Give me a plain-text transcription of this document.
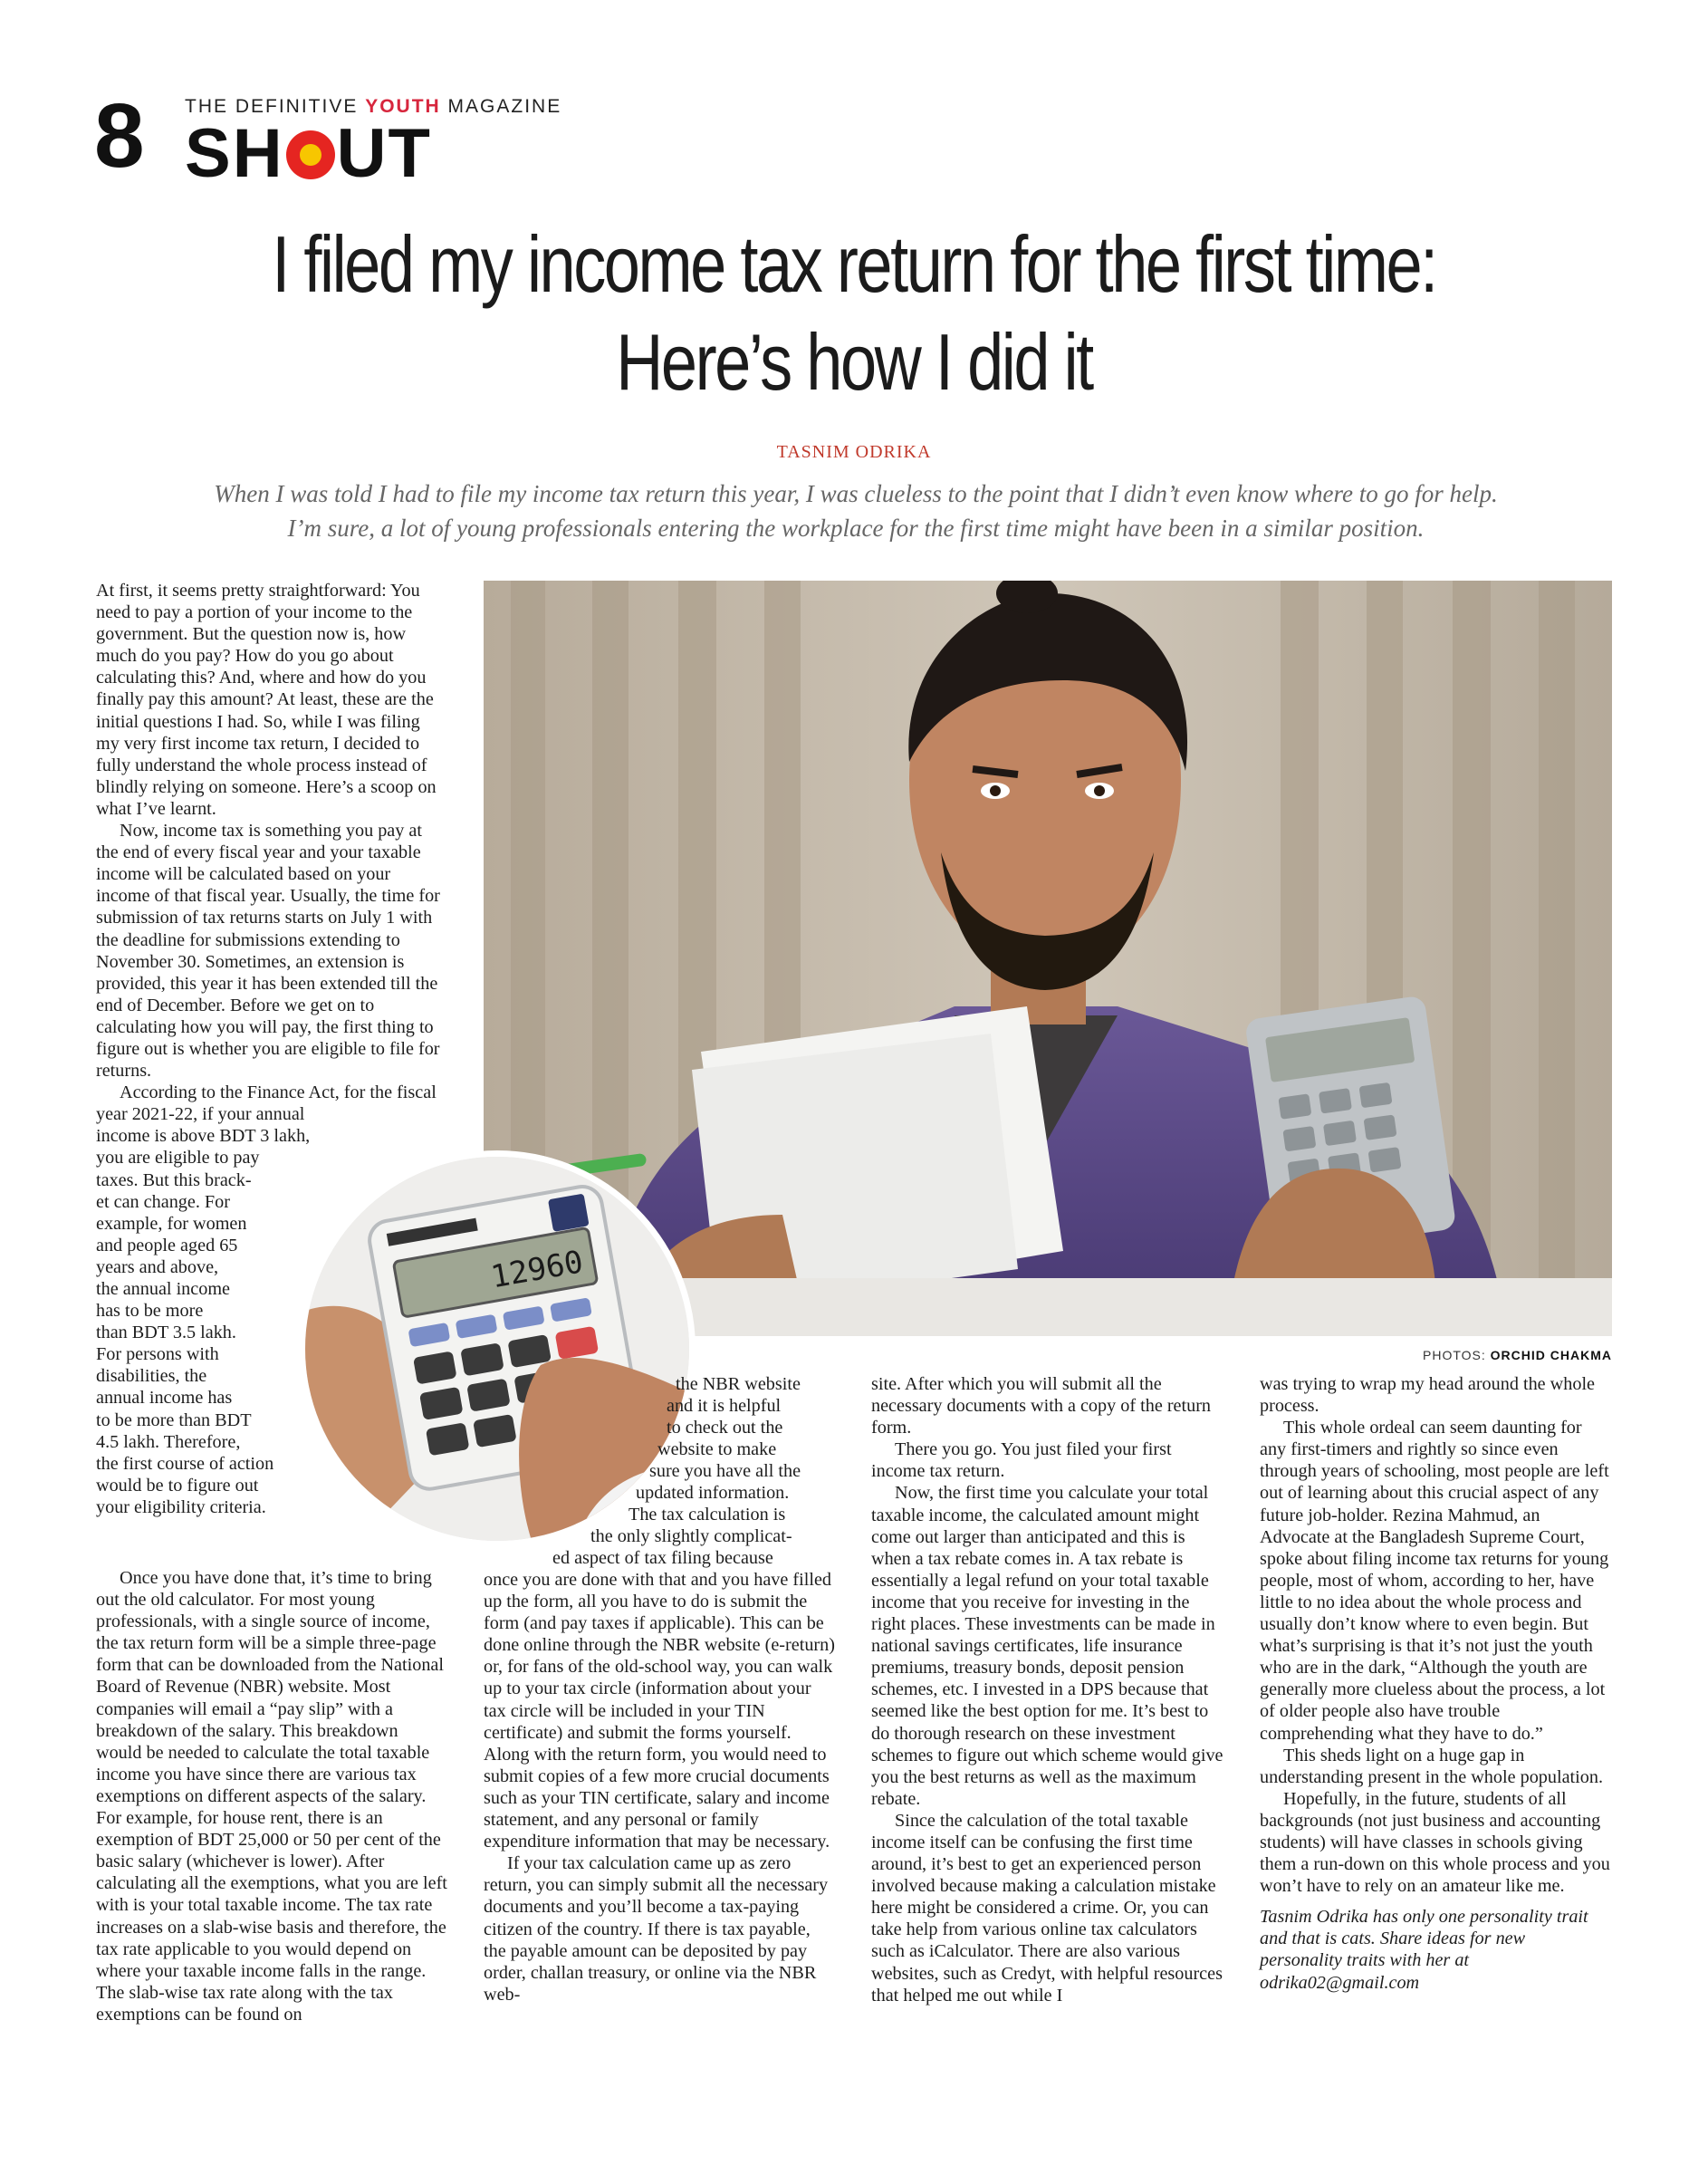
8 THE DEFINITIVE YOUTH MAGAZINE
SH UT
I filed my income tax return for the first time:
Here’s how I did it
TASNIM ODRIKA
When I was told I had to file my income tax return this year, I was clueless to the point that I didn’t even know where to go for help.
I’m sure, a lot of young professionals entering the workplace for the first time might have been in a similar position.
PHOTOS: ORCHID CHAKMA

At first, it seems pretty straightforward: You need to pay a portion of your income to the government. But the question now is, how much do you pay? How do you go about calculating this? And, where and how do you finally pay this amount? At least, these are the initial questions I had. So, while I was filing my very first income tax return, I decided to fully understand the whole process instead of blindly relying on someone. Here’s a scoop on what I’ve learnt.

Now, income tax is something you pay at the end of every fiscal year and your taxable income will be calculated based on your income of that fiscal year. Usually, the time for submission of tax returns starts on July 1 with the deadline for submissions extending to November 30. Sometimes, an extension is provided, this year it has been extended till the end of December. Before we get on to calculating how you will pay, the first thing to figure out is whether you are eligible to file for returns.

According to the Finance Act, for the fiscal year 2021-22, if your annual

income is above BDT 3 lakh,
you are eligible to pay
taxes. But this brack-
et can change. For
example, for women
and people aged 65
years and above,
the annual income
has to be more
than BDT 3.5 lakh.
For persons with
disabilities, the
annual income has
to be more than BDT
4.5 lakh. Therefore,
the first course of action
would be to figure out
your eligibility criteria.
12960

Once you have done that, it’s time to bring out the old calculator. For most young professionals, with a single source of income, the tax return form will be a simple three-page form that can be downloaded from the National Board of Revenue (NBR) website. Most companies will email a “pay slip” with a breakdown of the salary. This breakdown would be needed to calculate the total taxable income you have since there are various tax exemptions on different aspects of the salary. For example, for house rent, there is an exemption of BDT 25,000 or 50 per cent of the basic salary (whichever is lower). After calculating all the exemptions, what you are left with is your total taxable income. The tax rate increases on a slab-wise basis and therefore, the tax rate applicable to you would depend on where your taxable income falls in the range. The slab-wise tax rate along with the tax exemptions can be found on

the NBR website
and it is helpful
to check out the
website to make
sure you have all the
updated information.
The tax calculation is
the only slightly complicat-
ed aspect of tax filing because

once you are done with that and you have filled up the form, all you have to do is submit the form (and pay taxes if applicable). This can be done online through the NBR website (e-return) or, for fans of the old-school way, you can walk up to your tax circle (information about your tax circle will be included in your TIN certificate) and submit the forms yourself. Along with the return form, you would need to submit copies of a few more crucial documents such as your TIN certificate, salary and income statement, and any personal or family expenditure information that may be necessary.

If your tax calculation came up as zero return, you can simply submit all the necessary documents and you’ll become a tax-paying citizen of the country. If there is tax payable, the payable amount can be deposited by pay order, challan treasury, or online via the NBR web-

site. After which you will submit all the necessary documents with a copy of the return form.

There you go. You just filed your first income tax return.

Now, the first time you calculate your total taxable income, the calculated amount might come out larger than anticipated and this is when a tax rebate comes in. A tax rebate is essentially a legal refund on your total taxable income that you receive for investing in the right places. These investments can be made in national savings certificates, life insurance premiums, treasury bonds, deposit pension schemes, etc. I invested in a DPS because that seemed like the best option for me. It’s best to do thorough research on these investment schemes to figure out which scheme would give you the best returns as well as the maximum rebate.

Since the calculation of the total taxable income itself can be confusing the first time around, it’s best to get an experienced person involved because making a calculation mistake here might be considered a crime. Or, you can take help from various online tax calculators such as iCalculator. There are also various websites, such as Credyt, with helpful resources that helped me out while I

was trying to wrap my head around the whole process.

This whole ordeal can seem daunting for any first-timers and rightly so since even through years of schooling, most people are left out of learning about this crucial aspect of any future job-holder. Rezina Mahmud, an Advocate at the Bangladesh Supreme Court, spoke about filing income tax returns for young people, most of whom, according to her, have little to no idea about the whole process and usually don’t know where to even begin. But what’s surprising is that it’s not just the youth who are in the dark, “Although the youth are generally more clueless about the process, a lot of older people also have trouble comprehending what they have to do.”

This sheds light on a huge gap in understanding present in the whole population.

Hopefully, in the future, students of all backgrounds (not just business and accounting students) will have classes in schools giving them a run-down on this whole process and you won’t have to rely on an amateur like me.

Tasnim Odrika has only one personality trait and that is cats. Share ideas for new personality traits with her at odrika02@gmail.com
